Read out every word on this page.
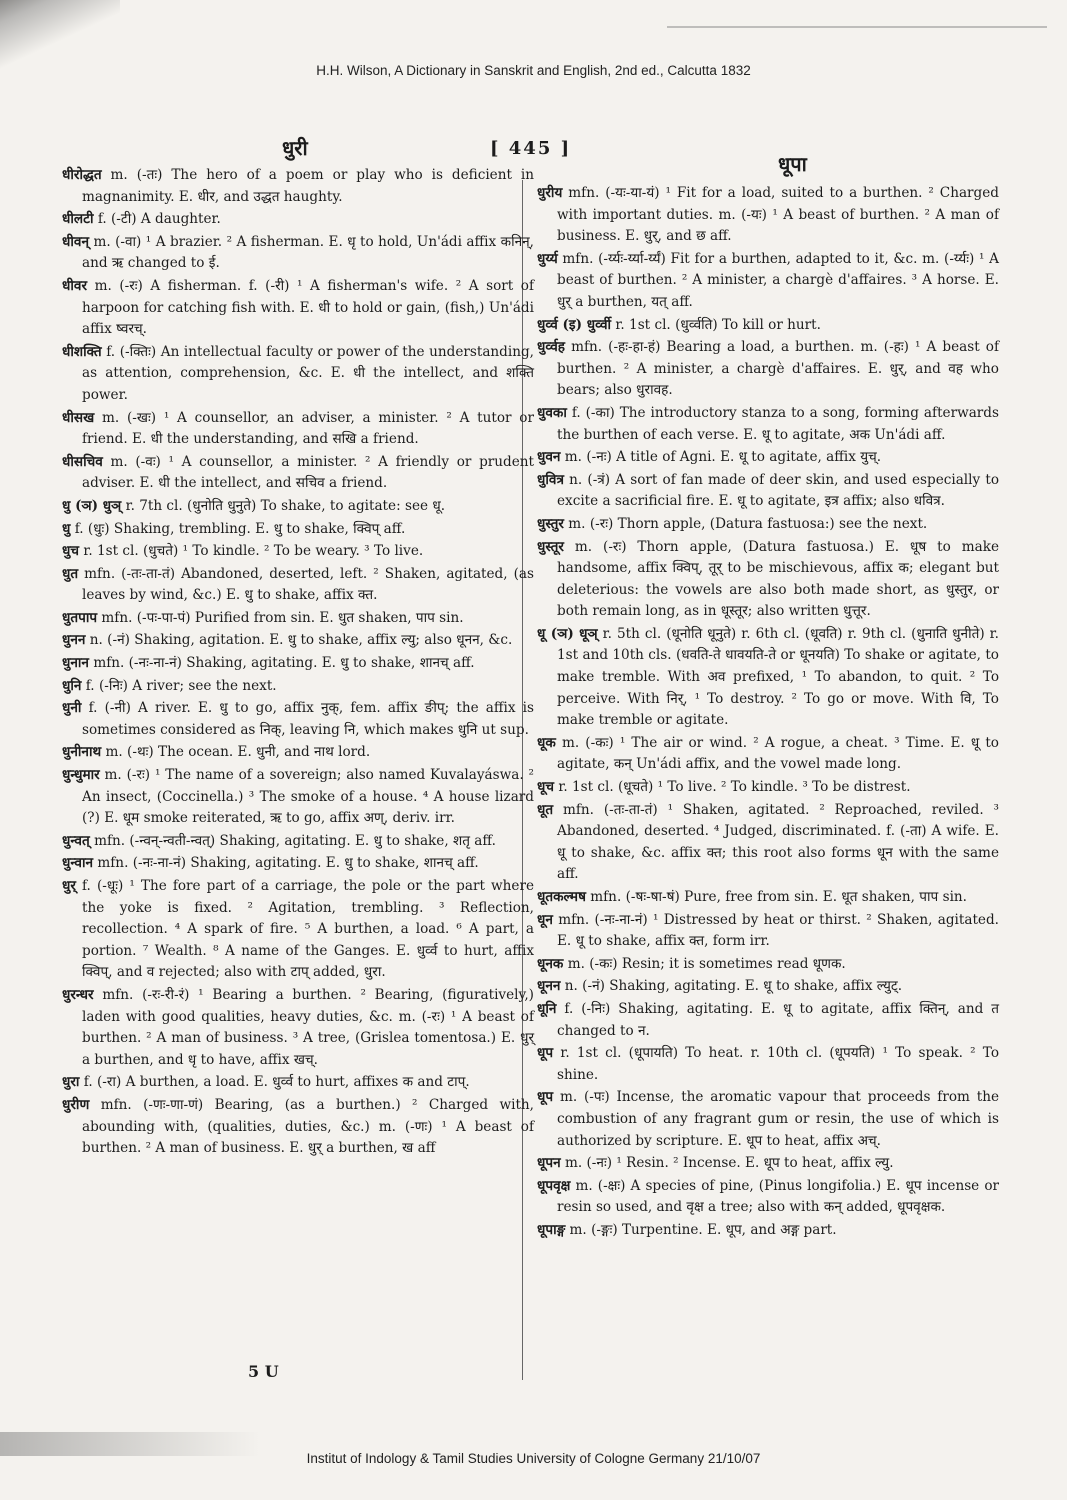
H.H. Wilson, A Dictionary in Sanskrit and English, 2nd ed., Calcutta 1832
धुरी	[ 445 ]
धूपा
धीरोद्धत m. (-तः) The hero of a poem or play who is deficient in magnanimity. E. धीर, and उद्धत haughty.
धीलटी f. (-टी) A daughter.
धीवन् m. (-वा) ¹ A brazier. ² A fisherman. E. धृ to hold, Un'ádi affix कनिन्, and ऋ changed to ई.
धीवर m. (-रः) A fisherman. f. (-री) ¹ A fisherman's wife. ² A sort of harpoon for catching fish with. E. धी to hold or gain, (fish,) Un'ádi affix ष्वरच्.
धीशक्ति f. (-क्तिः) An intellectual faculty or power of the understanding, as attention, comprehension, &c. E. धी the intellect, and शक्ति power.
धीसख m. (-खः) ¹ A counsellor, an adviser, a minister. ² A tutor or friend. E. धी the understanding, and सखि a friend.
धीसचिव m. (-वः) ¹ A counsellor, a minister. ² A friendly or prudent adviser. E. धी the intellect, and सचिव a friend.
धु (ञ) धुञ् r. 7th cl. (धुनोति धुनुते) To shake, to agitate: see धू.
धु f. (धुः) Shaking, trembling. E. धु to shake, क्विप् aff.
धुच r. 1st cl. (धुचते) ¹ To kindle. ² To be weary. ³ To live.
धुत mfn. (-तः-ता-तं) Abandoned, deserted, left. ² Shaken, agitated, (as leaves by wind, &c.) E. धु to shake, affix क्त.
धुतपाप mfn. (-पः-पा-पं) Purified from sin. E. धुत shaken, पाप sin.
धुनन n. (-नं) Shaking, agitation. E. धु to shake, affix ल्यु; also धूनन, &c.
धुनान mfn. (-नः-ना-नं) Shaking, agitating. E. धु to shake, शानच् aff.
धुनि f. (-निः) A river; see the next.
धुनी f. (-नी) A river. E. धु to go, affix नुक्, fem. affix ङीप्; the affix is sometimes considered as निक्, leaving नि, which makes धुनि ut sup.
धुनीनाथ m. (-थः) The ocean. E. धुनी, and नाथ lord.
धुन्धुमार m. (-रः) ¹ The name of a sovereign; also named Kuvalayáswa. ² An insect, (Coccinella.) ³ The smoke of a house. ⁴ A house lizard (?) E. धूम smoke reiterated, ऋ to go, affix अण्, deriv. irr.
धुन्वत् mfn. (-न्वन्-न्वती-न्वत्) Shaking, agitating. E. धु to shake, शतृ aff.
धुन्वान mfn. (-नः-ना-नं) Shaking, agitating. E. धु to shake, शानच् aff.
धुर् f. (-धूः) ¹ The fore part of a carriage, the pole or the part where the yoke is fixed. ² Agitation, trembling. ³ Reflection, recollection. ⁴ A spark of fire. ⁵ A burthen, a load. ⁶ A part, a portion. ⁷ Wealth. ⁸ A name of the Ganges. E. धुर्व्व to hurt, affix क्विप्, and व rejected; also with टाप् added, धुरा.
धुरन्धर mfn. (-रः-री-रं) ¹ Bearing a burthen. ² Bearing, (figuratively,) laden with good qualities, heavy duties, &c. m. (-रः) ¹ A beast of burthen. ² A man of business. ³ A tree, (Grislea tomentosa.) E. धुर् a burthen, and धृ to have, affix खच्.
धुरा f. (-रा) A burthen, a load. E. धुर्व्व to hurt, affixes क and टाप्.
धुरीण mfn. (-णः-णा-णं) Bearing, (as a burthen.) ² Charged with, abounding with, (qualities, duties, &c.) m. (-णः) ¹ A beast of burthen. ² A man of business. E. धुर् a burthen, ख aff
धुरीय mfn. (-यः-या-यं) ¹ Fit for a load, suited to a burthen. ² Charged with important duties. m. (-यः) ¹ A beast of burthen. ² A man of business. E. धुर्, and छ aff.
धुर्य्य mfn. (-र्य्यः-र्य्या-र्य्यं) Fit for a burthen, adapted to it, &c. m. (-र्य्यः) ¹ A beast of burthen. ² A minister, a chargè d'affaires. ³ A horse. E. धुर् a burthen, यत् aff.
धुर्व्व (इ) धुर्व्वी r. 1st cl. (धुर्व्वति) To kill or hurt.
धुर्व्वह mfn. (-हः-हा-हं) Bearing a load, a burthen. m. (-हः) ¹ A beast of burthen. ² A minister, a chargè d'affaires. E. धुर्, and वह who bears; also धुरावह.
धुवका f. (-का) The introductory stanza to a song, forming afterwards the burthen of each verse. E. धू to agitate, अक Un'ádi aff.
धुवन m. (-नः) A title of Agni. E. धू to agitate, affix युच्.
धुवित्र n. (-त्रं) A sort of fan made of deer skin, and used especially to excite a sacrificial fire. E. धू to agitate, इत्र affix; also धवित्र.
धुस्तुर m. (-रः) Thorn apple, (Datura fastuosa:) see the next.
धुस्तूर m. (-रः) Thorn apple, (Datura fastuosa.) E. धूष to make handsome, affix क्विप्, तूर् to be mischievous, affix क; elegant but deleterious: the vowels are also both made short, as धुस्तुर, or both remain long, as in धूस्तूर; also written धुत्तूर.
धू (ञ) धूञ् r. 5th cl. (धूनोति धूनुते) r. 6th cl. (धूवति) r. 9th cl. (धुनाति धुनीते) r. 1st and 10th cls. (धवति-ते धावयति-ते or धूनयति) To shake or agitate, to make tremble. With अव prefixed, ¹ To abandon, to quit. ² To perceive. With निर्, ¹ To destroy. ² To go or move. With वि, To make tremble or agitate.
धूक m. (-कः) ¹ The air or wind. ² A rogue, a cheat. ³ Time. E. धू to agitate, कन् Un'ádi affix, and the vowel made long.
धूच r. 1st cl. (धूचते) ¹ To live. ² To kindle. ³ To be distrest.
धूत mfn. (-तः-ता-तं) ¹ Shaken, agitated. ² Reproached, reviled. ³ Abandoned, deserted. ⁴ Judged, discriminated. f. (-ता) A wife. E. धू to shake, &c. affix क्त; this root also forms धून with the same aff.
धूतकल्मष mfn. (-षः-षा-षं) Pure, free from sin. E. धूत shaken, पाप sin.
धून mfn. (-नः-ना-नं) ¹ Distressed by heat or thirst. ² Shaken, agitated. E. धू to shake, affix क्त, form irr.
धूनक m. (-कः) Resin; it is sometimes read धूणक.
धूनन n. (-नं) Shaking, agitating. E. धू to shake, affix ल्युट्.
धूनि f. (-निः) Shaking, agitating. E. धू to agitate, affix क्तिन्, and त changed to न.
धूप r. 1st cl. (धूपायति) To heat. r. 10th cl. (धूपयति) ¹ To speak. ² To shine.
धूप m. (-पः) Incense, the aromatic vapour that proceeds from the combustion of any fragrant gum or resin, the use of which is authorized by scripture. E. धूप to heat, affix अच्.
धूपन m. (-नः) ¹ Resin. ² Incense. E. धूप to heat, affix ल्यु.
धूपवृक्ष m. (-क्षः) A species of pine, (Pinus longifolia.) E. धूप incense or resin so used, and वृक्ष a tree; also with कन् added, धूपवृक्षक.
धूपाङ्ग m. (-ङ्गः) Turpentine. E. धूप, and अङ्ग part.
5 U
Institut of Indology & Tamil Studies University of Cologne Germany 21/10/07
